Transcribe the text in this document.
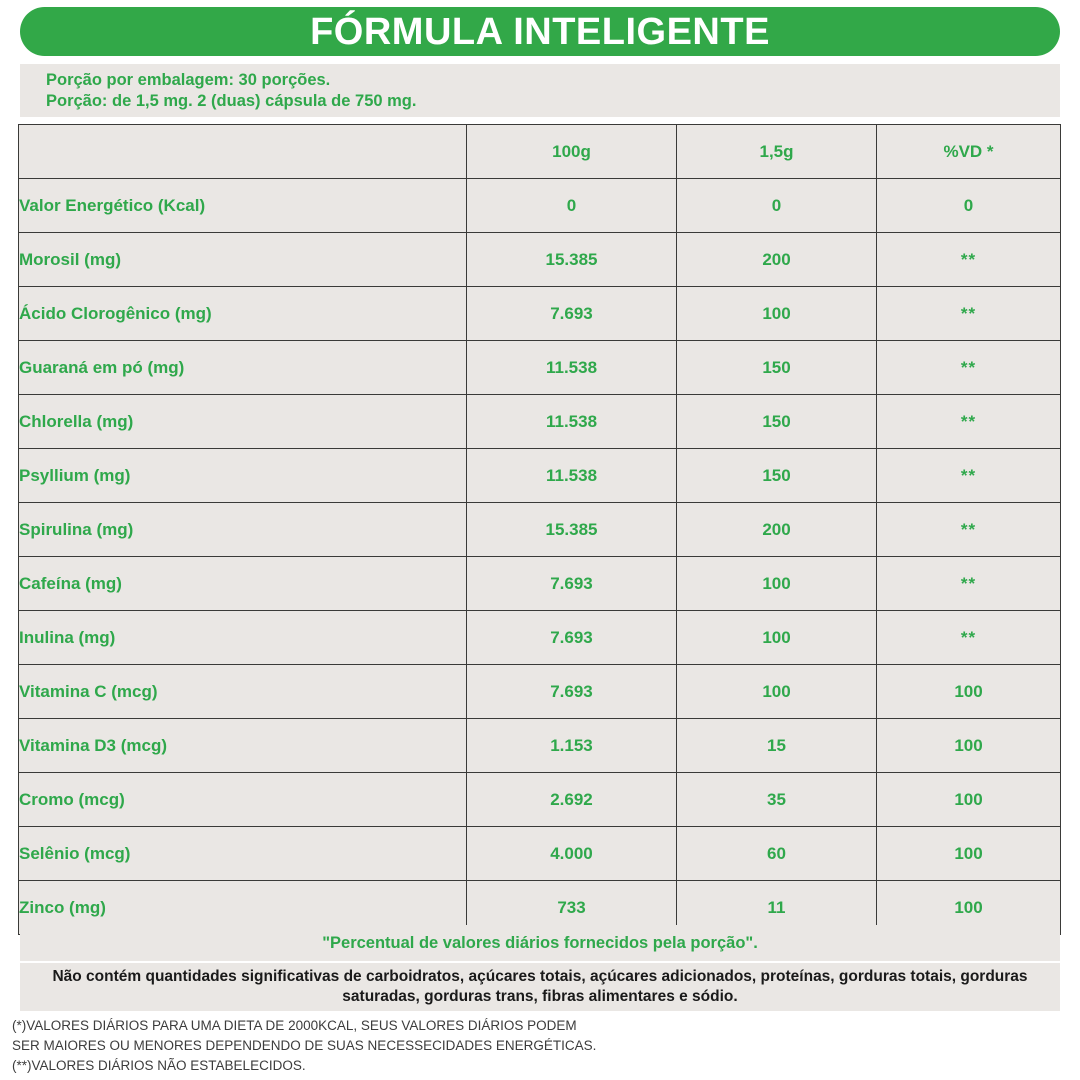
FÓRMULA INTELIGENTE
Porção por embalagem: 30 porções.
Porção: de 1,5 mg. 2 (duas) cápsula de 750 mg.
	100g	1,5g	%VD *
Valor Energético (Kcal)	0	0	0
Morosil (mg)	15.385	200	**
Ácido Clorogênico (mg)	7.693	100	**
Guaraná em pó (mg)	11.538	150	**
Chlorella (mg)	11.538	150	**
Psyllium (mg)	11.538	150	**
Spirulina (mg)	15.385	200	**
Cafeína (mg)	7.693	100	**
Inulina (mg)	7.693	100	**
Vitamina C (mcg)	7.693	100	100
Vitamina D3 (mcg)	1.153	15	100
Cromo (mcg)	2.692	35	100
Selênio (mcg)	4.000	60	100
Zinco (mg)	733	11	100
"Percentual de valores diários fornecidos pela porção".
Não contém quantidades significativas de carboidratos, açúcares totais, açúcares adicionados, proteínas, gorduras totais, gorduras saturadas, gorduras trans, fibras alimentares e sódio.
(*)VALORES DIÁRIOS PARA UMA DIETA DE 2000KCAL, SEUS VALORES DIÁRIOS PODEM
SER MAIORES OU MENORES DEPENDENDO DE SUAS NECESSECIDADES ENERGÉTICAS.
(**)VALORES DIÁRIOS NÃO ESTABELECIDOS.
